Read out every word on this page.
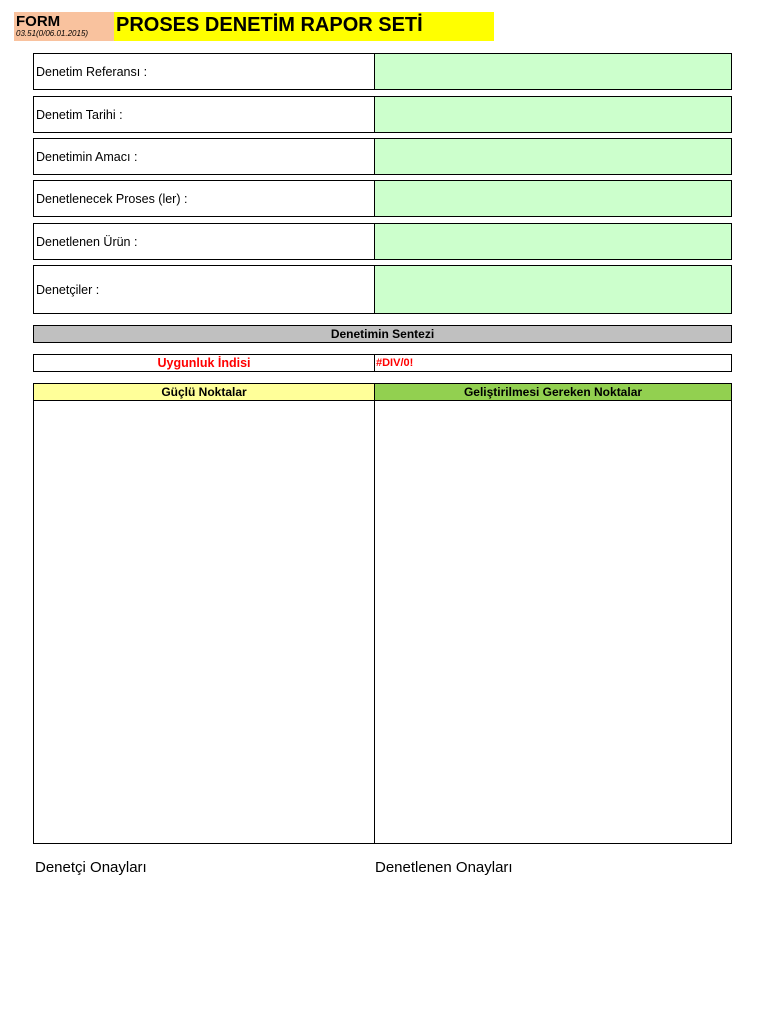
FORM
03.51(0/06.01.2015) PROSES DENETİM RAPOR SETİ
Denetim Referansı :
Denetim Tarihi :
Denetimin Amacı :
Denetlenecek Proses (ler) :
Denetlenen Ürün :
Denetçiler :
Denetimin Sentezi
Uygunluk İndisi	#DIV/0!
Güçlü Noktalar	Geliştirilmesi Gereken Noktalar
Denetçi Onayları	Denetlenen Onayları
